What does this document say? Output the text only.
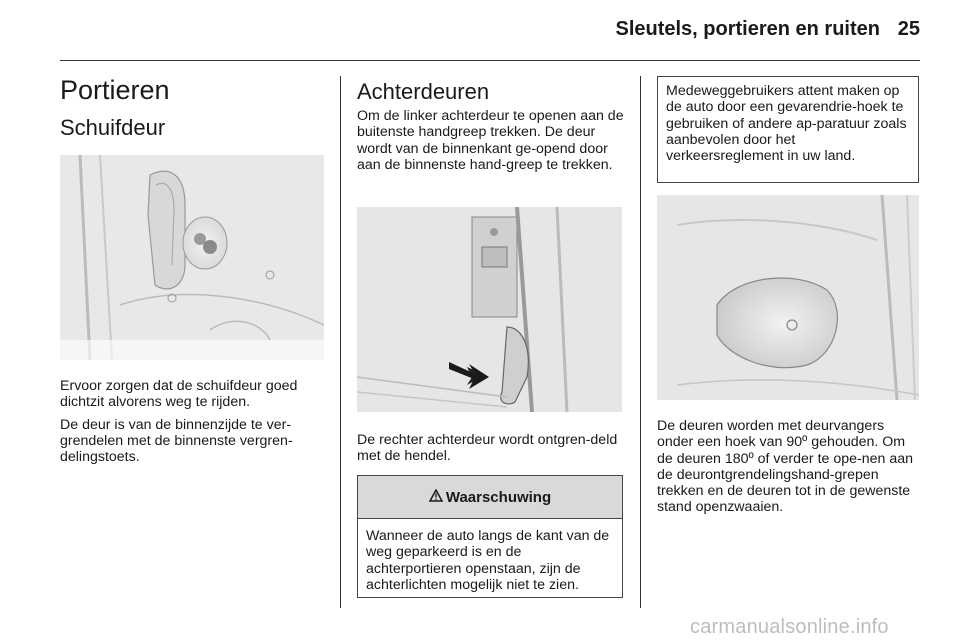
Sleutels, portieren en ruiten 25
Portieren
Schuifdeur

Ervoor zorgen dat de schuifdeur goed dichtzit alvorens weg te rijden.

De deur is van de binnenzijde te ver-grendelen met de binnenste vergren-delingstoets.

Achterdeuren

Om de linker achterdeur te openen aan de buitenste handgreep trekken. De deur wordt van de binnenkant ge-opend door aan de binnenste hand-greep te trekken.

De rechter achterdeur wordt ontgren-deld met de hendel.

Waarschuwing
Wanneer de auto langs de kant van de weg geparkeerd is en de achterportieren openstaan, zijn de achterlichten mogelijk niet te zien.
Medeweggebruikers attent maken op de auto door een gevarendrie-hoek te gebruiken of andere ap-paratuur zoals aanbevolen door het verkeersreglement in uw land.

De deuren worden met deurvangers onder een hoek van 90º gehouden. Om de deuren 180º of verder te ope-nen aan de deurontgrendelingshand-grepen trekken en de deuren tot in de gewenste stand openzwaaien.

carmanualsonline.info
